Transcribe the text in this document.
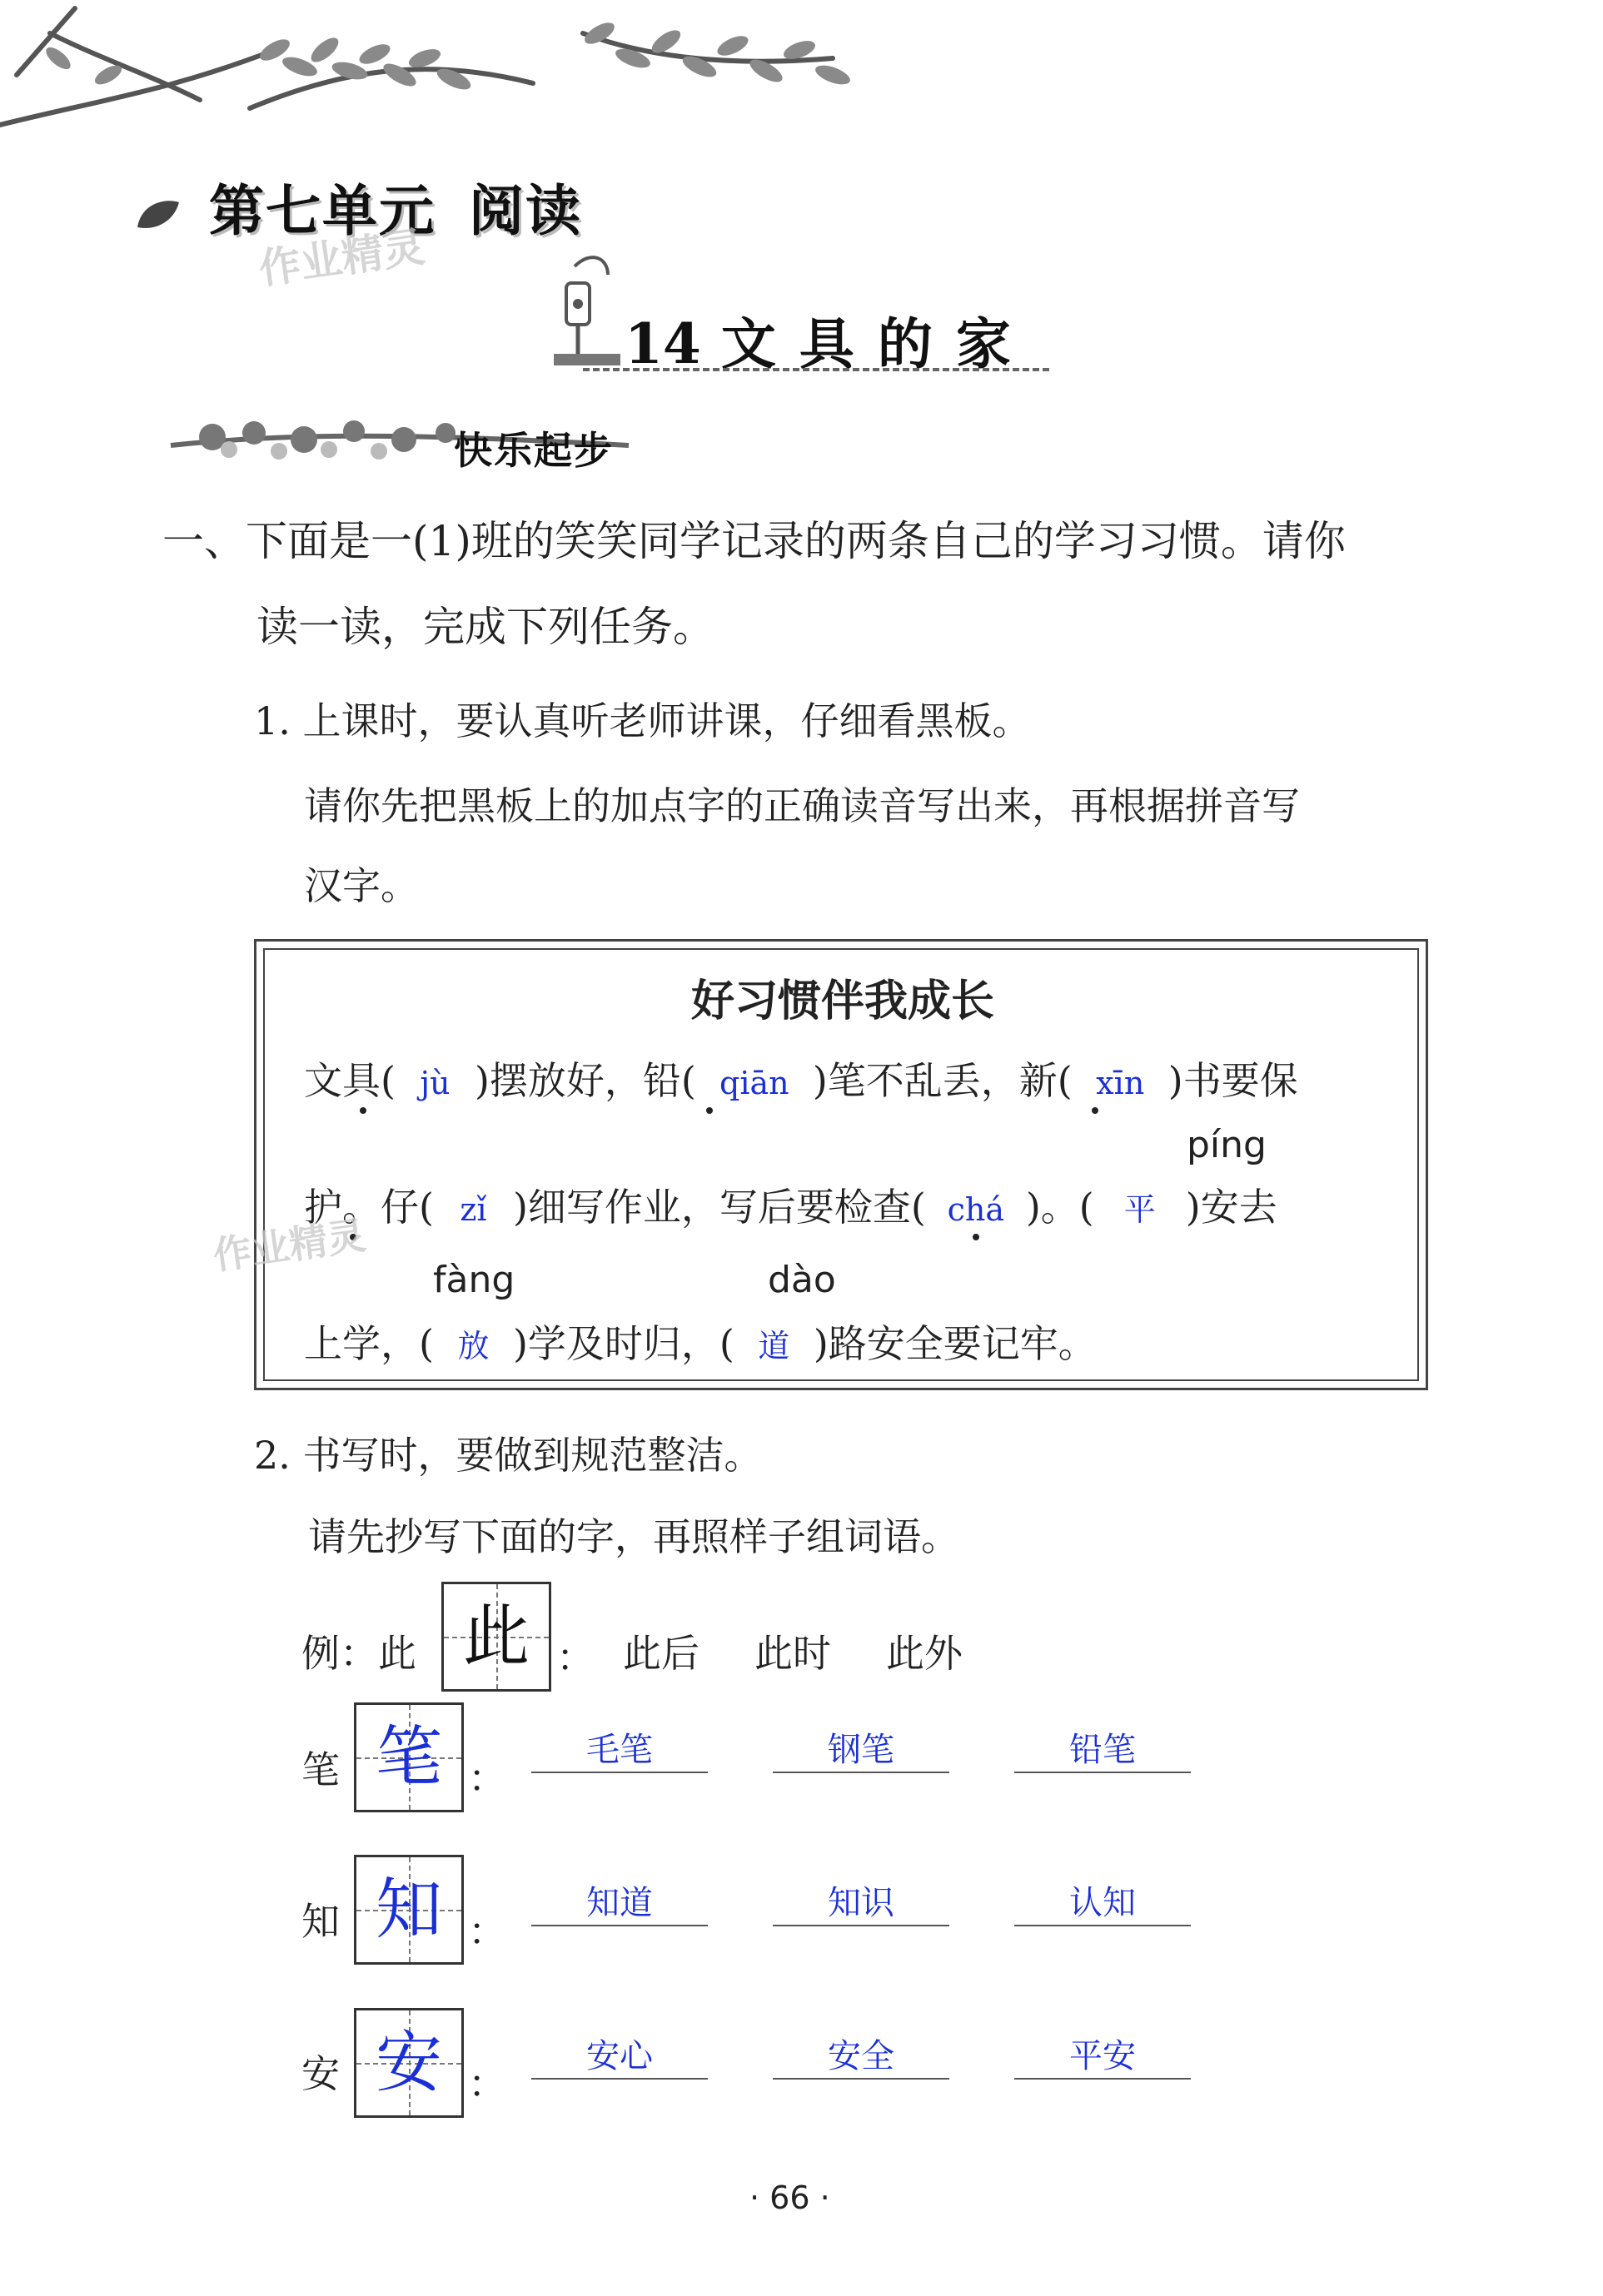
第七单元 阅读
作业精灵
14 文具的家
快乐起步
一、下面是一(1)班的笑笑同学记录的两条自己的学习习惯。请你
读一读，完成下列任务。
1. 上课时，要认真听老师讲课，仔细看黑板。
请你先把黑板上的加点字的正确读音写出来，再根据拼音写
汉字。
好习惯伴我成长
文具( jù )摆放好，铅( qiān )笔不乱丢，新( xīn )书要保
píng
护。仔( zǐ )细写作业，写后要检查( chá )。( 平 )安去
fàng	dào
上学，( 放 )学及时归，( 道 )路安全要记牢。
作业精灵
2. 书写时，要做到规范整洁。
请先抄写下面的字，再照样子组词语。
例：此 此 ： 此后 此时 此外
笔 笔 ：
毛笔	钢笔	铅笔
知 知 ：
知道	知识	认知
安 安 ：
安心	安全	平安
· 66 ·
